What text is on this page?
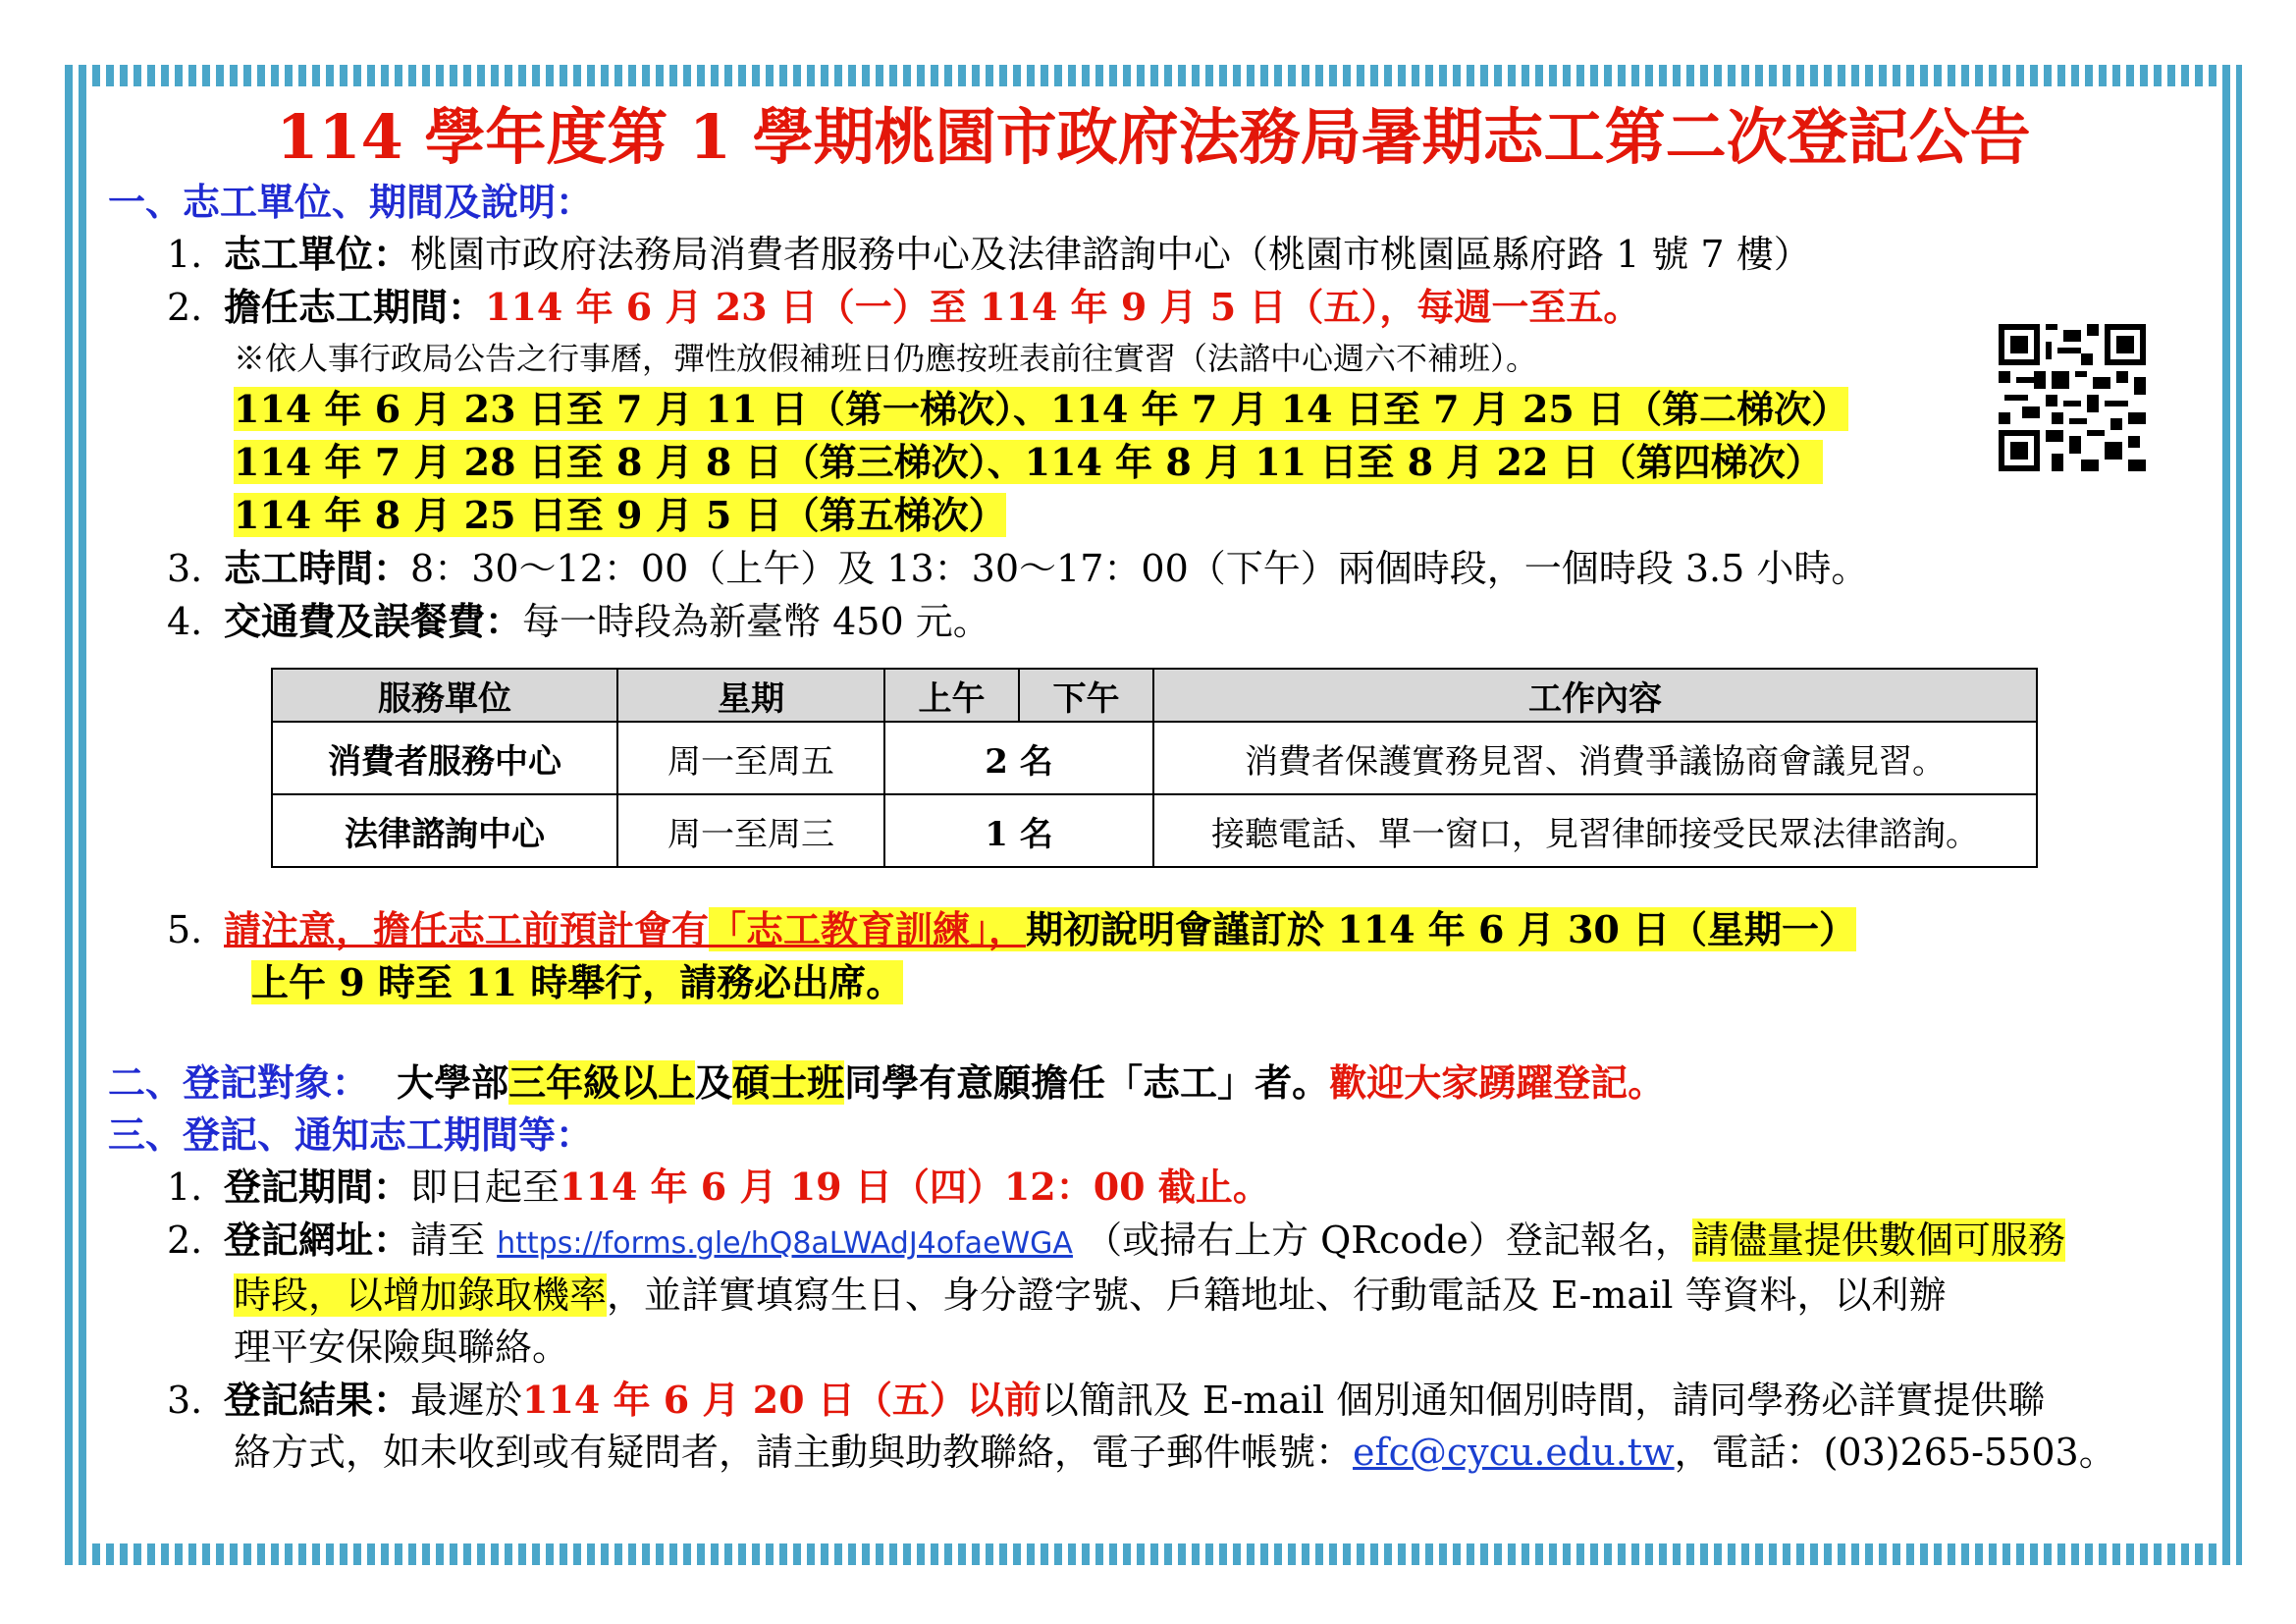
114 學年度第 1 學期桃園市政府法務局暑期志工第二次登記公告
一、志工單位、期間及說明：
1. 志工單位：桃園市政府法務局消費者服務中心及法律諮詢中心（桃園市桃園區縣府路 1 號 7 樓）
2. 擔任志工期間：114 年 6 月 23 日（一）至 114 年 9 月 5 日（五），每週一至五。
※依人事行政局公告之行事曆，彈性放假補班日仍應按班表前往實習（法諮中心週六不補班）。
114 年 6 月 23 日至 7 月 11 日（第一梯次）、114 年 7 月 14 日至 7 月 25 日（第二梯次）
114 年 7 月 28 日至 8 月 8 日（第三梯次）、114 年 8 月 11 日至 8 月 22 日（第四梯次）
114 年 8 月 25 日至 9 月 5 日（第五梯次）
3. 志工時間：8：30～12：00（上午）及 13：30～17：00（下午）兩個時段，一個時段 3.5 小時。
4. 交通費及誤餐費：每一時段為新臺幣 450 元。
服務單位	星期	上午	下午	工作內容
消費者服務中心	周一至周五	2 名		消費者保護實務見習、消費爭議協商會議見習。
法律諮詢中心	周一至周三	1 名		接聽電話、單一窗口，見習律師接受民眾法律諮詢。
5. 請注意，擔任志工前預計會有「志工教育訓練」，期初說明會謹訂於 114 年 6 月 30 日（星期一）
上午 9 時至 11 時舉行，請務必出席。
二、登記對象： 大學部三年級以上及碩士班同學有意願擔任「志工」者。歡迎大家踴躍登記。
三、登記、通知志工期間等：
1. 登記期間：即日起至114 年 6 月 19 日（四）12：00 截止。
2. 登記網址：請至 https://forms.gle/hQ8aLWAdJ4ofaeWGA （或掃右上方 QRcode）登記報名，請儘量提供數個可服務
時段，以增加錄取機率，並詳實填寫生日、身分證字號、戶籍地址、行動電話及 E-mail 等資料，以利辦
理平安保險與聯絡。
3. 登記結果：最遲於114 年 6 月 20 日（五）以前以簡訊及 E-mail 個別通知個別時間，請同學務必詳實提供聯
絡方式，如未收到或有疑問者，請主動與助教聯絡，電子郵件帳號：efc@cycu.edu.tw，電話：(03)265-5503。
